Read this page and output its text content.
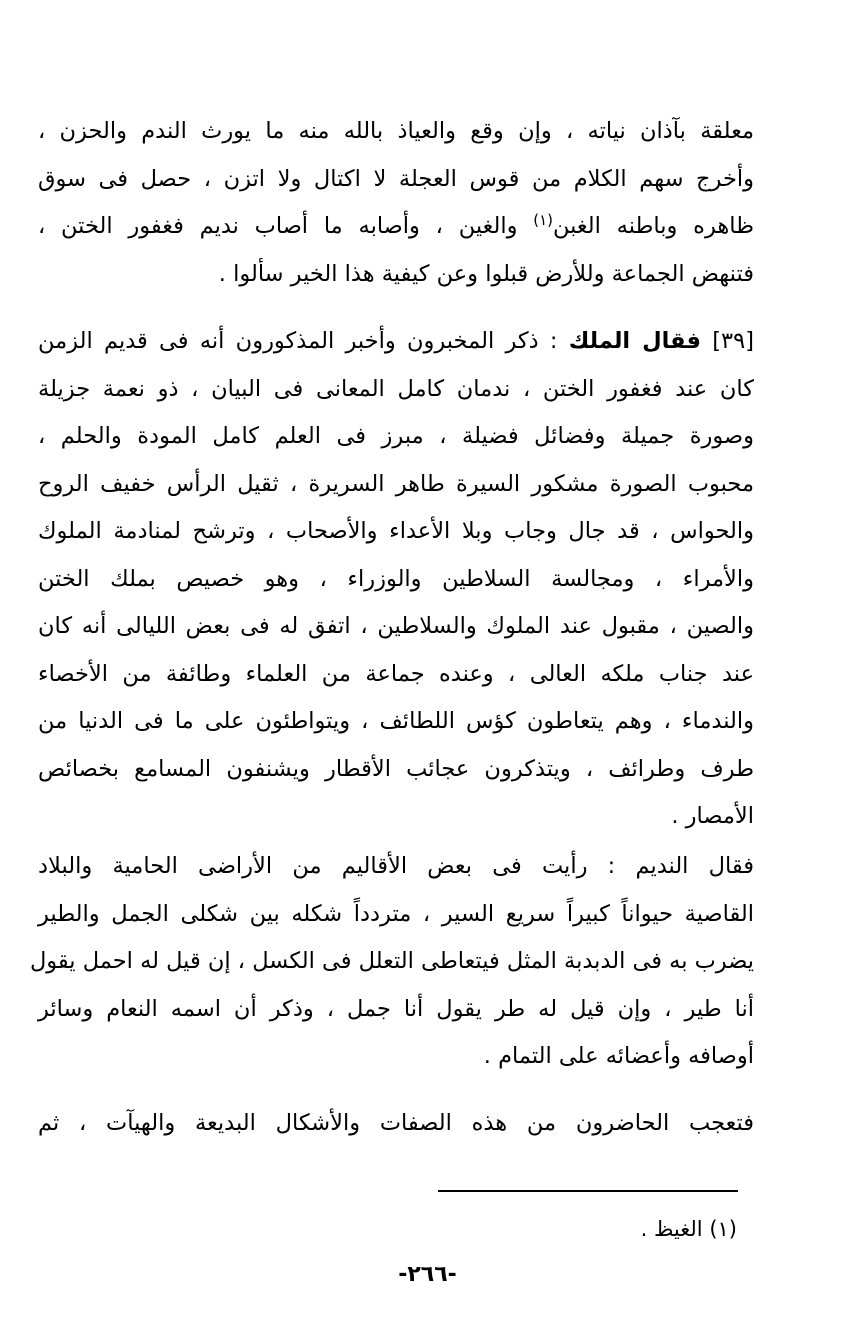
معلقة بآذان نياته ، وإن وقع والعياذ بالله منه ما يورث الندم والحزن ،
وأخرج سهم الكلام من قوس العجلة لا اكتال ولا اتزن ، حصل فى سوق
ظاهره وباطنه الغبن$^{(١)}$ والغين ، وأصابه ما أصاب نديم فغفور الختن ،
فتنهض الجماعة وللأرض قبلوا وعن كيفية هذا الخير سألوا .
[٣٩] فقال الملك : ذكر المخبرون وأخبر المذكورون أنه فى قديم الزمن
كان عند فغفور الختن ، ندمان كامل المعانى فى البيان ، ذو نعمة جزيلة
وصورة جميلة وفضائل فضيلة ، مبرز فى العلم كامل المودة والحلم ،
محبوب الصورة مشكور السيرة طاهر السريرة ، ثقيل الرأس خفيف الروح
والحواس ، قد جال وجاب وبلا الأعداء والأصحاب ، وترشح لمنادمة الملوك
والأمراء ، ومجالسة السلاطين والوزراء ، وهو خصيص بملك الختن
والصين ، مقبول عند الملوك والسلاطين ، اتفق له فى بعض الليالى أنه كان
عند جناب ملكه العالى ، وعنده جماعة من العلماء وطائفة من الأخصاء
والندماء ، وهم يتعاطون كؤس اللطائف ، ويتواطئون على ما فى الدنيا من
طرف وطرائف ، ويتذكرون عجائب الأقطار ويشنفون المسامع بخصائص
الأمصار .
فقال النديم : رأيت فى بعض الأقاليم من الأراضى الحامية والبلاد
القاصية حيواناً كبيراً سريع السير ، متردداً شكله بين شكلى الجمل والطير
يضرب به فى الدبدبة المثل فيتعاطى التعلل فى الكسل ، إن قيل له احمل يقول
أنا طير ، وإن قيل له طر يقول أنا جمل ، وذكر أن اسمه النعام وسائر
أوصافه وأعضائه على التمام .
فتعجب الحاضرون من هذه الصفات والأشكال البديعة والهيآت ، ثم
(١) الغيظ .
-٢٦٦-
